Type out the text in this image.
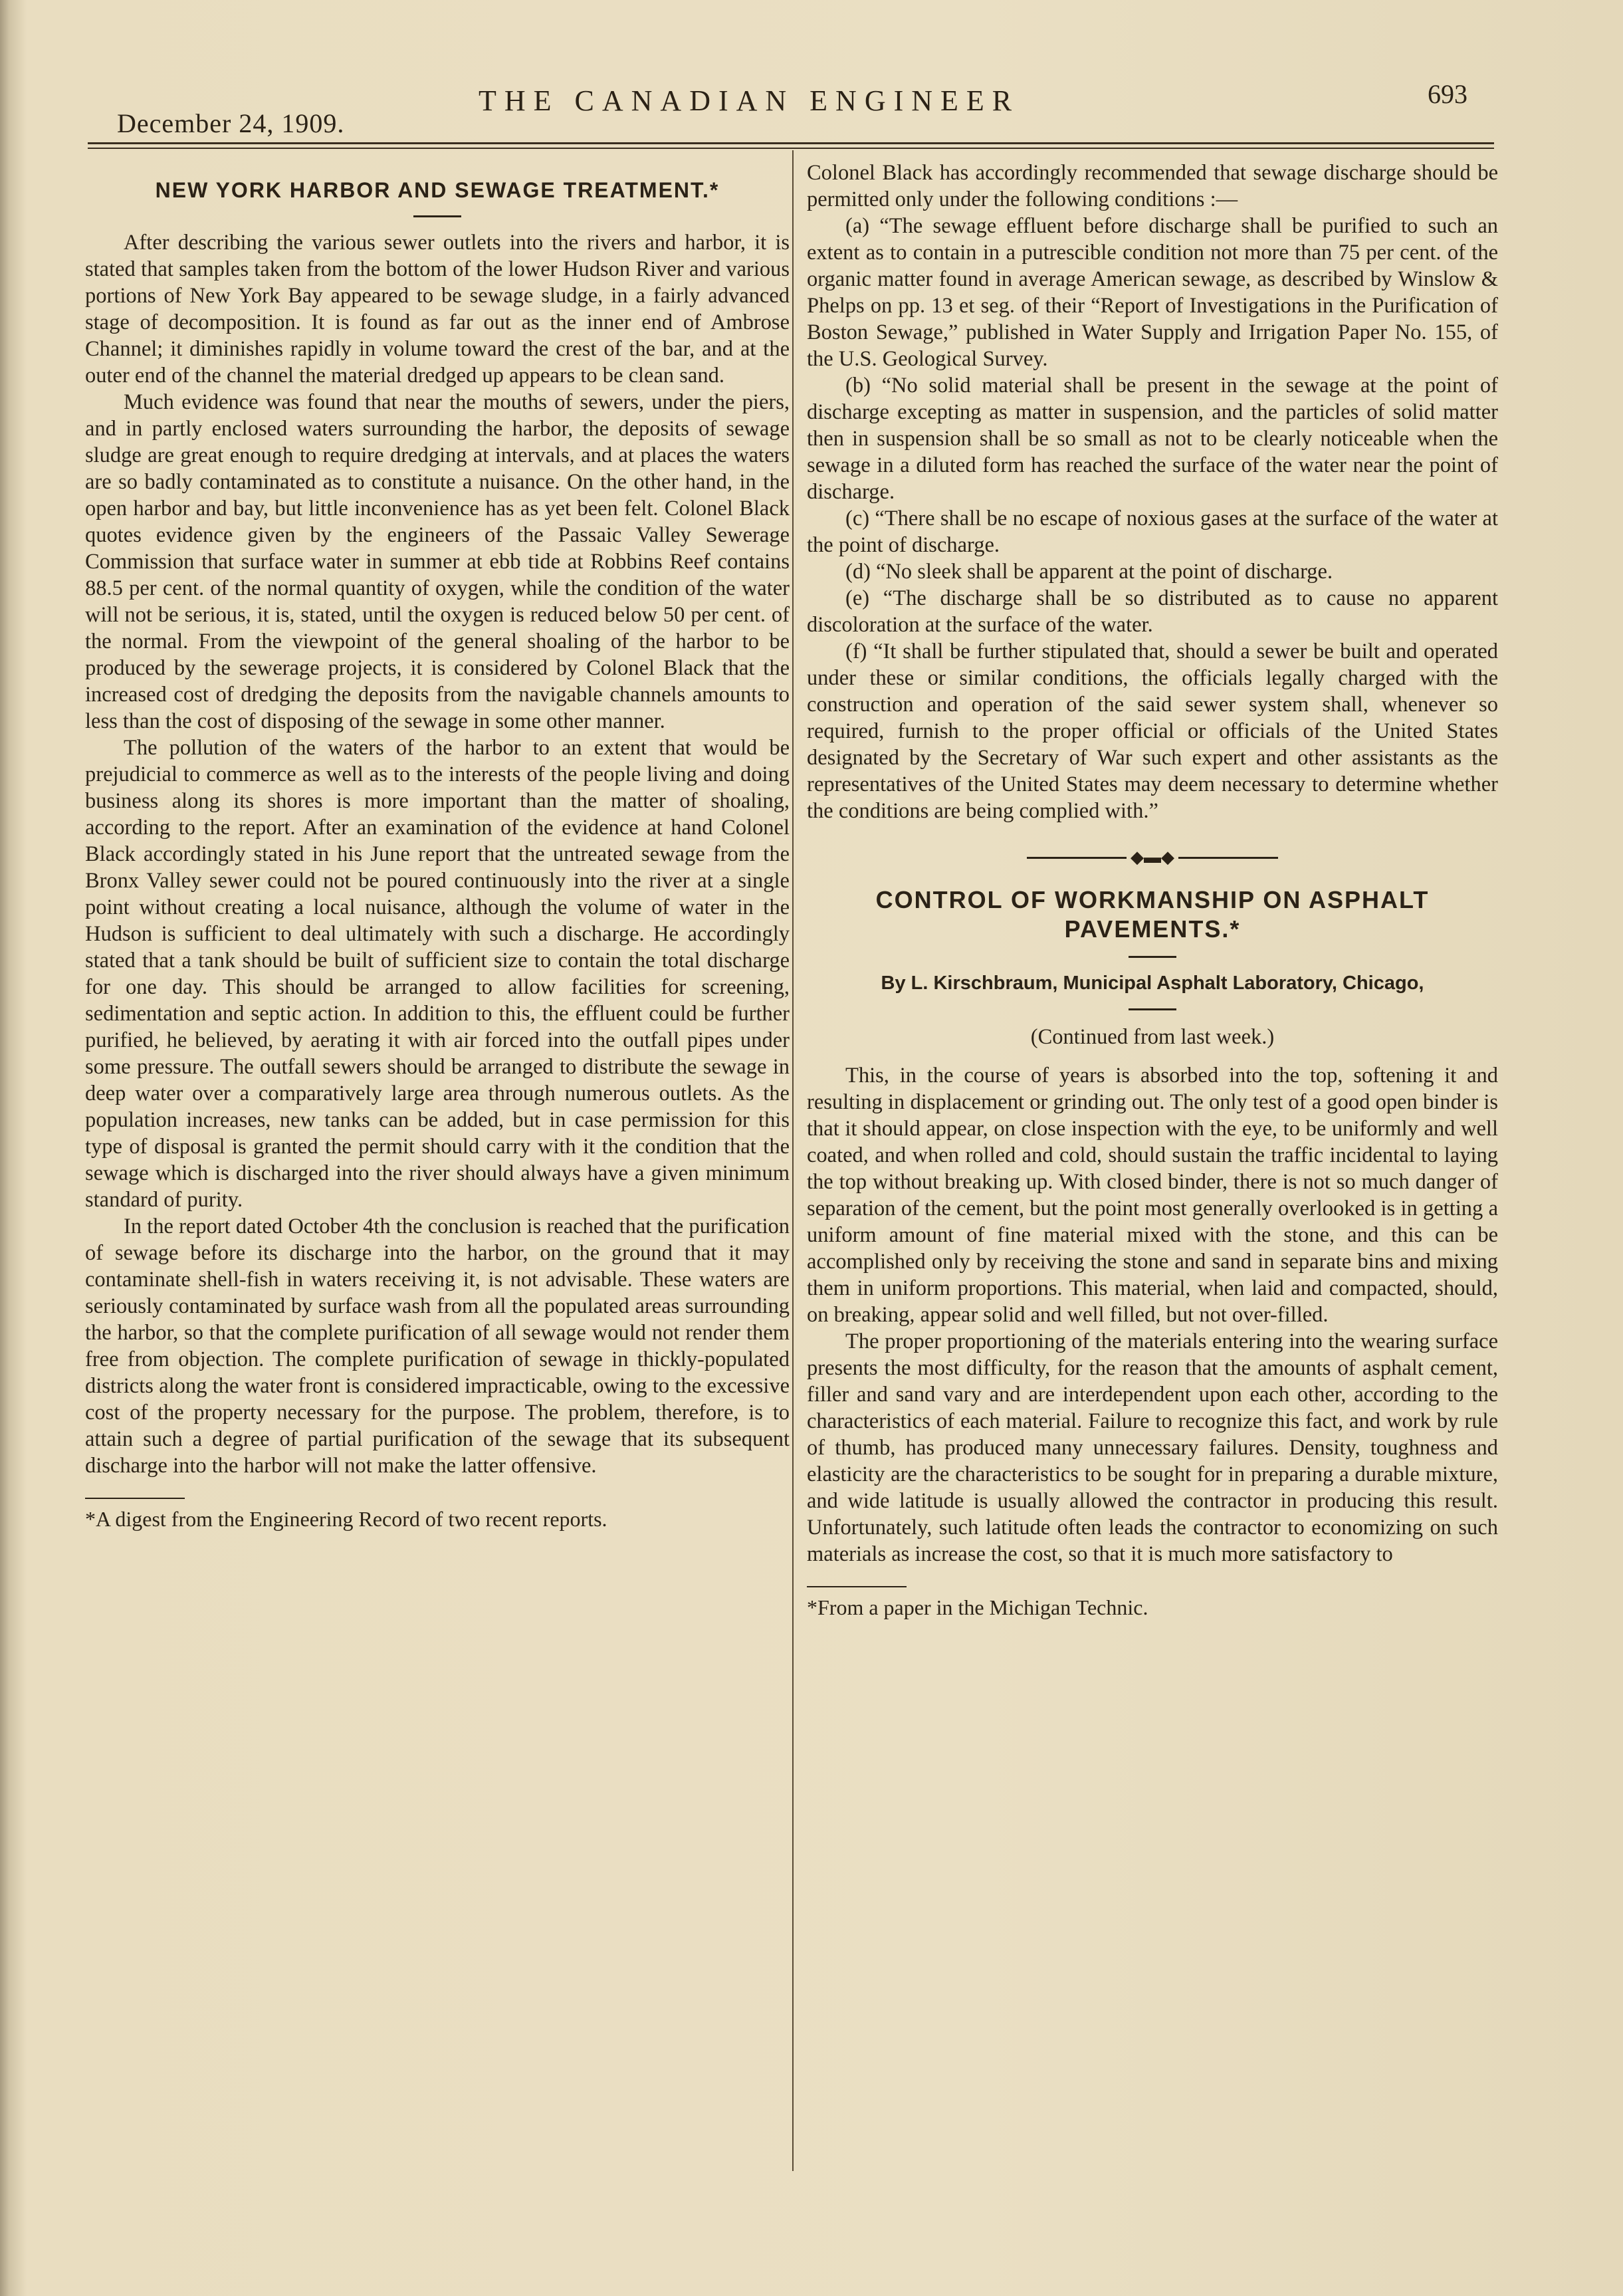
December 24, 1909.
THE CANADIAN ENGINEER	693
NEW YORK HARBOR AND SEWAGE TREATMENT.*

After describing the various sewer outlets into the rivers and harbor, it is stated that samples taken from the bottom of the lower Hudson River and various portions of New York Bay appeared to be sewage sludge, in a fairly advanced stage of decomposition. It is found as far out as the inner end of Ambrose Channel; it diminishes rapidly in volume toward the crest of the bar, and at the outer end of the channel the material dredged up appears to be clean sand.

Much evidence was found that near the mouths of sewers, under the piers, and in partly enclosed waters surrounding the harbor, the deposits of sewage sludge are great enough to require dredging at intervals, and at places the waters are so badly contaminated as to constitute a nuisance. On the other hand, in the open harbor and bay, but little inconvenience has as yet been felt. Colonel Black quotes evidence given by the engineers of the Passaic Valley Sewerage Commission that surface water in summer at ebb tide at Robbins Reef contains 88.5 per cent. of the normal quantity of oxygen, while the condition of the water will not be serious, it is, stated, until the oxygen is reduced below 50 per cent. of the normal. From the viewpoint of the general shoaling of the harbor to be produced by the sewerage projects, it is considered by Colonel Black that the increased cost of dredging the deposits from the navigable channels amounts to less than the cost of disposing of the sewage in some other manner.

The pollution of the waters of the harbor to an extent that would be prejudicial to commerce as well as to the interests of the people living and doing business along its shores is more important than the matter of shoaling, according to the report. After an examination of the evidence at hand Colonel Black accordingly stated in his June report that the untreated sewage from the Bronx Valley sewer could not be poured continuously into the river at a single point without creating a local nuisance, although the volume of water in the Hudson is sufficient to deal ultimately with such a discharge. He accordingly stated that a tank should be built of sufficient size to contain the total discharge for one day. This should be arranged to allow facilities for screening, sedimentation and septic action. In addition to this, the effluent could be further purified, he believed, by aerating it with air forced into the outfall pipes under some pressure. The outfall sewers should be arranged to distribute the sewage in deep water over a comparatively large area through numerous outlets. As the population increases, new tanks can be added, but in case permission for this type of disposal is granted the permit should carry with it the condition that the sewage which is discharged into the river should always have a given minimum standard of purity.

In the report dated October 4th the conclusion is reached that the purification of sewage before its discharge into the harbor, on the ground that it may contaminate shell-fish in waters receiving it, is not advisable. These waters are seriously contaminated by surface wash from all the populated areas surrounding the harbor, so that the complete purification of all sewage would not render them free from objection. The complete purification of sewage in thickly-populated districts along the water front is considered impracticable, owing to the excessive cost of the property necessary for the purpose. The problem, therefore, is to attain such a degree of partial purification of the sewage that its subsequent discharge into the harbor will not make the latter offensive.

*A digest from the Engineering Record of two recent reports.

Colonel Black has accordingly recommended that sewage discharge should be permitted only under the following conditions :—

(a) “The sewage effluent before discharge shall be purified to such an extent as to contain in a putrescible condition not more than 75 per cent. of the organic matter found in average American sewage, as described by Winslow & Phelps on pp. 13 et seg. of their “Report of Investigations in the Purification of Boston Sewage,” published in Water Supply and Irrigation Paper No. 155, of the U.S. Geological Survey.

(b) “No solid material shall be present in the sewage at the point of discharge excepting as matter in suspension, and the particles of solid matter then in suspension shall be so small as not to be clearly noticeable when the sewage in a diluted form has reached the surface of the water near the point of discharge.

(c) “There shall be no escape of noxious gases at the surface of the water at the point of discharge.

(d) “No sleek shall be apparent at the point of discharge.

(e) “The discharge shall be so distributed as to cause no apparent discoloration at the surface of the water.

(f) “It shall be further stipulated that, should a sewer be built and operated under these or similar conditions, the officials legally charged with the construction and operation of the said sewer system shall, whenever so required, furnish to the proper official or officials of the United States designated by the Secretary of War such expert and other assistants as the representatives of the United States may deem necessary to determine whether the conditions are being complied with.”

◆▬◆
CONTROL OF WORKMANSHIP ON ASPHALT PAVEMENTS.*
By L. Kirschbraum, Municipal Asphalt Laboratory, Chicago,
(Continued from last week.)

This, in the course of years is absorbed into the top, softening it and resulting in displacement or grinding out. The only test of a good open binder is that it should appear, on close inspection with the eye, to be uniformly and well coated, and when rolled and cold, should sustain the traffic incidental to laying the top without breaking up. With closed binder, there is not so much danger of separation of the cement, but the point most generally overlooked is in getting a uniform amount of fine material mixed with the stone, and this can be accomplished only by receiving the stone and sand in separate bins and mixing them in uniform proportions. This material, when laid and compacted, should, on breaking, appear solid and well filled, but not over-filled.

The proper proportioning of the materials entering into the wearing surface presents the most difficulty, for the reason that the amounts of asphalt cement, filler and sand vary and are interdependent upon each other, according to the characteristics of each material. Failure to recognize this fact, and work by rule of thumb, has produced many unnecessary failures. Density, toughness and elasticity are the characteristics to be sought for in preparing a durable mixture, and wide latitude is usually allowed the contractor in producing this result. Unfortunately, such latitude often leads the contractor to economizing on such materials as increase the cost, so that it is much more satisfactory to

*From a paper in the Michigan Technic.
